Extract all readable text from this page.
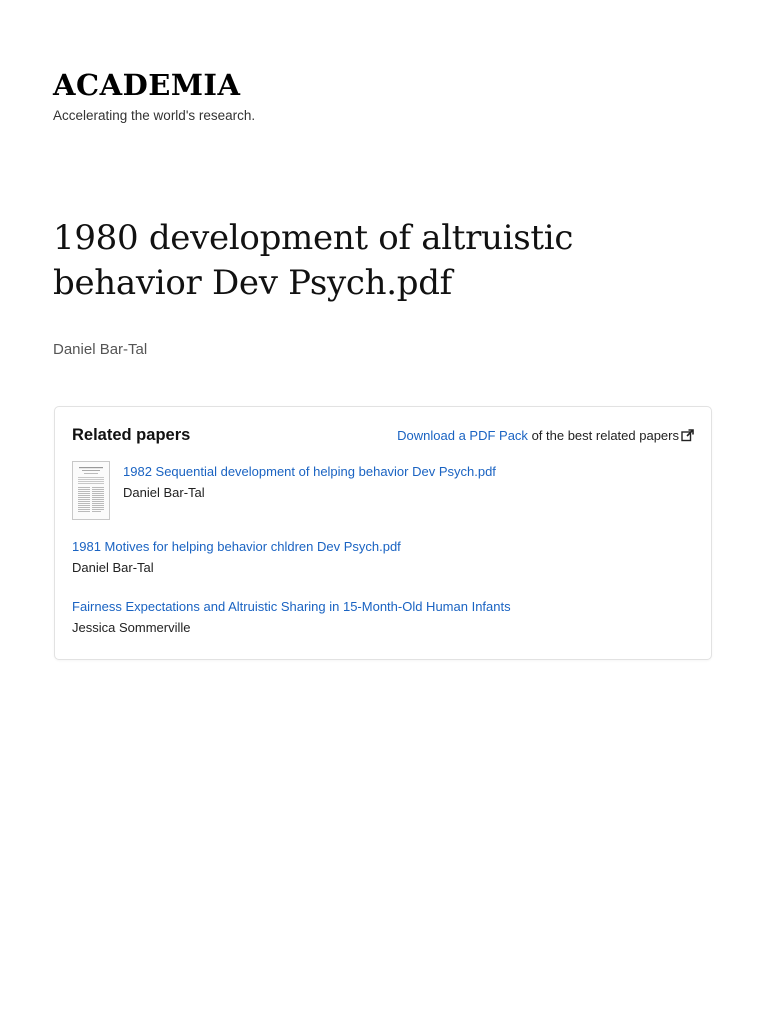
ACADEMIA
Accelerating the world's research.
1980 development of altruistic behavior Dev Psych.pdf
Daniel Bar-Tal
Related papers	Download a PDF Pack of the best related papers
1982 Sequential development of helping behavior Dev Psych.pdf
Daniel Bar-Tal
1981 Motives for helping behavior chldren Dev Psych.pdf
Daniel Bar-Tal
Fairness Expectations and Altruistic Sharing in 15-Month-Old Human Infants
Jessica Sommerville
